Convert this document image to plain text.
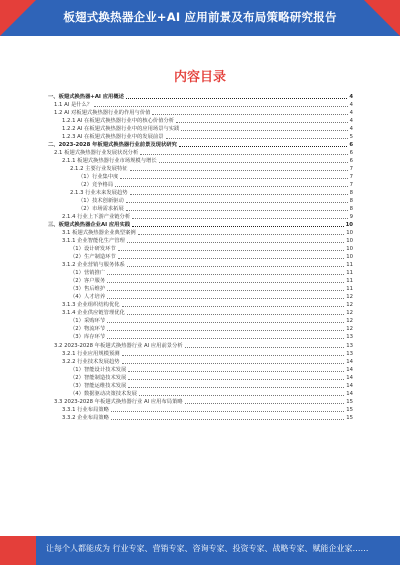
板翅式换热器企业+AI 应用前景及布局策略研究报告
内容目录
一、板翅式换热器+AI 应用概述	4
1.1 AI 是什么？	4
1.2 AI 对板翅式换热器行业的作用与价值	4
1.2.1 AI 在板翅式换热器行业中的核心价值分析	4
1.2.2 AI 在板翅式换热器行业中的应用场景与实践	4
1.2.3 AI 在板翅式换热器行业中的发展前景	5
二、2023-2028 年板翅式换热器行业前景及现状研究	6
2.1 板翅式换热器行业发展状况分析	6
2.1.1 板翅式换热器行业市场规模与增长	6
2.1.2 主要行业发展特征	7
（1）行业集中度	7
（2）竞争格局	7
2.1.3 行业未来发展趋势	8
（1）技术创新驱动	8
（2）市场需求拓展	8
2.1.4 行业上下游产业链分析	9
三、板翅式换热器企业AI 应用实践	10
3.1 板翅式换热器企业典型案例	10
3.1.1 企业智能化生产管理	10
（1）设计研发环节	10
（2）生产制造环节	10
3.1.2 企业营销与服务体系	11
（1）营销推广	11
（2）客户服务	11
（3）售后维护	11
（4）人才培养	12
3.1.3 企业组织结构优化	12
3.1.4 企业供应链管理优化	12
（1）采购环节	12
（2）物流环节	12
（3）库存环节	13
3.2 2023-2028 年板翅式换热器行业 AI 应用前景分析	13
3.2.1 行业应用规模预测	13
3.2.2 行业技术发展趋势	14
（1）智能设计技术发展	14
（2）智能制造技术发展	14
（3）智能运维技术发展	14
（4）数据驱动决策技术发展	14
3.3 2023-2028 年板翅式换热器行业 AI 应用布局策略	15
3.3.1 行业布局策略	15
3.3.2 企业布局策略	15
让每个人都能成为 行业专家、营销专家、咨询专家、投资专家、战略专家、赋能企业家……
